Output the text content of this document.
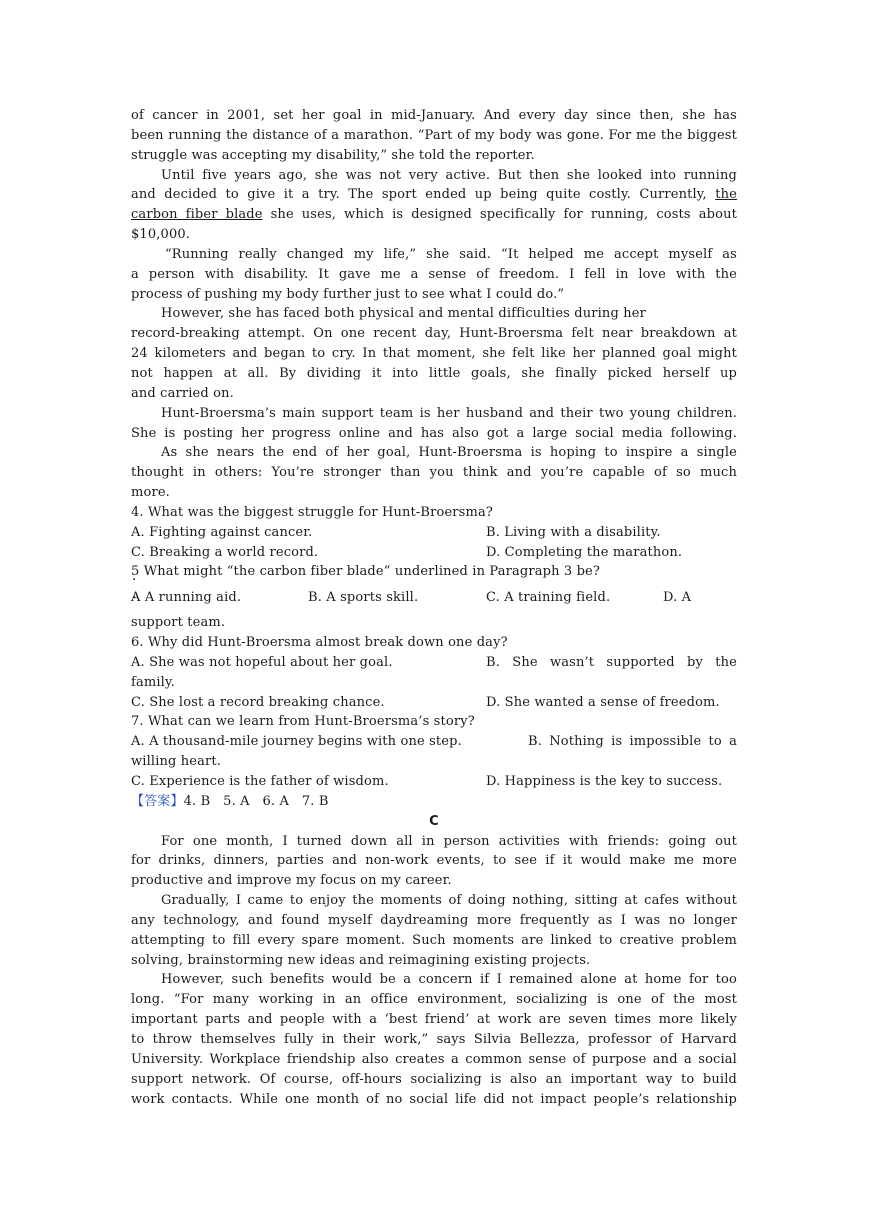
of cancer in 2001, set her goal in mid-January. And every day since then, she has
been running the distance of a marathon. “Part of my body was gone. For me the biggest
struggle was accepting my disability,” she told the reporter.
Until five years ago, she was not very active. But then she looked into running
and decided to give it a try. The sport ended up being quite costly. Currently, the
carbon fiber blade she uses, which is designed specifically for running, costs about
$10,000.
“Running really changed my life,” she said. “It helped me accept myself as
a person with disability. It gave me a sense of freedom. I fell in love with the
process of pushing my body further just to see what I could do.”
However, she has faced both physical and mental difficulties during her
record-breaking attempt. On one recent day, Hunt-Broersma felt near breakdown at
24 kilometers and began to cry. In that moment, she felt like her planned goal might
not happen at all. By dividing it into little goals, she finally picked herself up
and carried on.
Hunt-Broersma’s main support team is her husband and their two young children.
She is posting her progress online and has also got a large social media following.
As she nears the end of her goal, Hunt-Broersma is hoping to inspire a single
thought in others: You’re stronger than you think and you’re capable of so much
more.
4. What was the biggest struggle for Hunt-Broersma?
A. Fighting against cancer.	B. Living with a disability.
C. Breaking a world record.	D. Completing the marathon.
5 · What might “the carbon fiber blade” underlined in Paragraph 3 be?
A · A running aid.	B. A sports skill.	C. A training field.	D. A
support team.
6. Why did Hunt-Broersma almost break down one day?
A. She was not hopeful about her goal.	B. She wasn’t supported by the
family.
C. She lost a record breaking chance.	D. She wanted a sense of freedom.
7. What can we learn from Hunt-Broersma’s story?
A. A thousand-mile journey begins with one step.	B. Nothing is impossible to a
willing heart.
C. Experience is the father of wisdom.	D. Happiness is the key to success.
【答案】4. B   5. A   6. A   7. B
C
For one month, I turned down all in person activities with friends: going out
for drinks, dinners, parties and non-work events, to see if it would make me more
productive and improve my focus on my career.
Gradually, I came to enjoy the moments of doing nothing, sitting at cafes without
any technology, and found myself daydreaming more frequently as I was no longer
attempting to fill every spare moment. Such moments are linked to creative problem
solving, brainstorming new ideas and reimagining existing projects.
However, such benefits would be a concern if I remained alone at home for too
long. “For many working in an office environment, socializing is one of the most
important parts and people with a ‘best friend’ at work are seven times more likely
to throw themselves fully in their work,” says Silvia Bellezza, professor of Harvard
University. Workplace friendship also creates a common sense of purpose and a social
support network. Of course, off-hours socializing is also an important way to build
work contacts. While one month of no social life did not impact people’s relationship
